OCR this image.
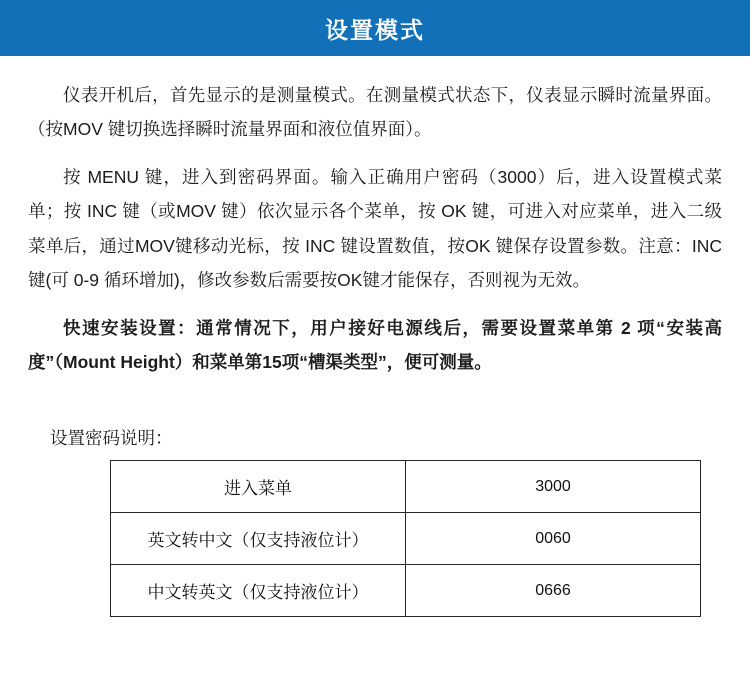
设置模式

仪表开机后，首先显示的是测量模式。在测量模式状态下，仪表显示瞬时流量界面。（按MOV 键切换选择瞬时流量界面和液位值界面）。

按 MENU 键，进入到密码界面。输入正确用户密码（3000）后，进入设置模式菜单；按 INC 键（或MOV 键）依次显示各个菜单，按 OK 键，可进入对应菜单，进入二级菜单后，通过MOV键移动光标，按 INC 键设置数值，按OK 键保存设置参数。注意：INC 键(可 0-9 循环增加)，修改参数后需要按OK键才能保存，否则视为无效。

快速安装设置：通常情况下，用户接好电源线后，需要设置菜单第 2 项“安装高度”（Mount Height）和菜单第15项“槽渠类型”，便可测量。

设置密码说明：
进入菜单	3000
英文转中文（仅支持液位计）	0060
中文转英文（仅支持液位计）	0666
